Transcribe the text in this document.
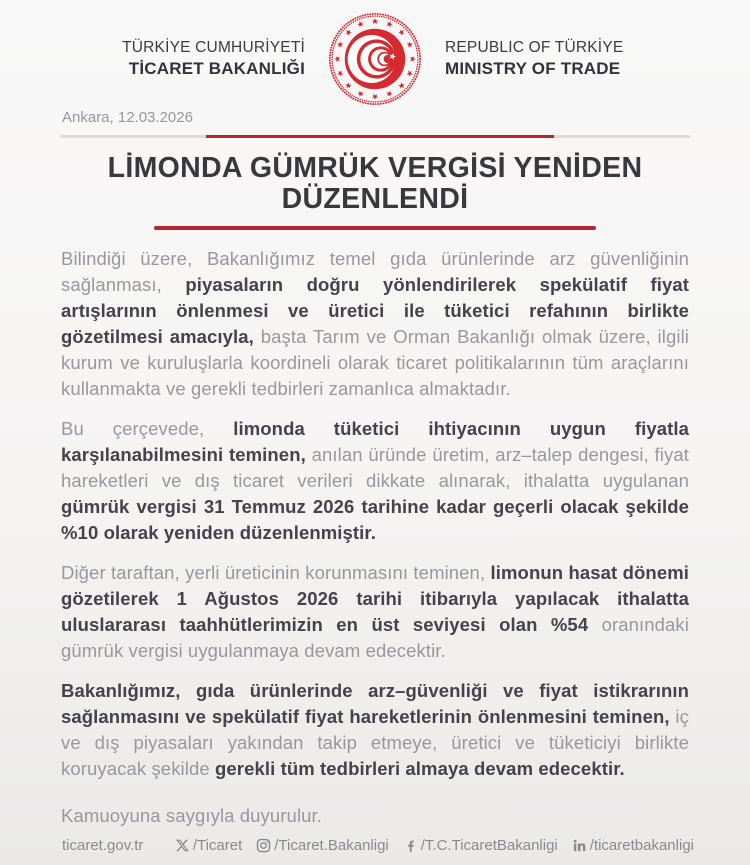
TÜRKİYE CUMHURİYETİ
TİCARET BAKANLIĞI
REPUBLIC OF TÜRKİYE
MINISTRY OF TRADE
Ankara, 12.03.2026
LİMONDA GÜMRÜK VERGİSİ YENİDEN DÜZENLENDİ

Bilindiği üzere, Bakanlığımız temel gıda ürünlerinde arz güvenliğinin sağlanması, piyasaların doğru yönlendirilerek spekülatif fiyat artışlarının önlenmesi ve üretici ile tüketici refahının birlikte gözetilmesi amacıyla, başta Tarım ve Orman Bakanlığı olmak üzere, ilgili kurum ve kuruluşlarla koordineli olarak ticaret politikalarının tüm araçlarını kullanmakta ve gerekli tedbirleri zamanlıca almaktadır.

Bu çerçevede, limonda tüketici ihtiyacının uygun fiyatla karşılanabilmesini teminen, anılan üründe üretim, arz–talep dengesi, fiyat hareketleri ve dış ticaret verileri dikkate alınarak, ithalatta uygulanan gümrük vergisi 31 Temmuz 2026 tarihine kadar geçerli olacak şekilde %10 olarak yeniden düzenlenmiştir.

Diğer taraftan, yerli üreticinin korunmasını teminen, limonun hasat dönemi gözetilerek 1 Ağustos 2026 tarihi itibarıyla yapılacak ithalatta uluslararası taahhütlerimizin en üst seviyesi olan %54 oranındaki gümrük vergisi uygulanmaya devam edecektir.

Bakanlığımız, gıda ürünlerinde arz–güvenliği ve fiyat istikrarının sağlanmasını ve spekülatif fiyat hareketlerinin önlenmesini teminen, iç ve dış piyasaları yakından takip etmeye, üretici ve tüketiciyi birlikte koruyacak şekilde gerekli tüm tedbirleri almaya devam edecektir.

Kamuoyuna saygıyla duyurulur.

ticaret.gov.tr	/Ticaret /Ticaret.Bakanligi /T.C.TicaretBakanligi /ticaretbakanligi
